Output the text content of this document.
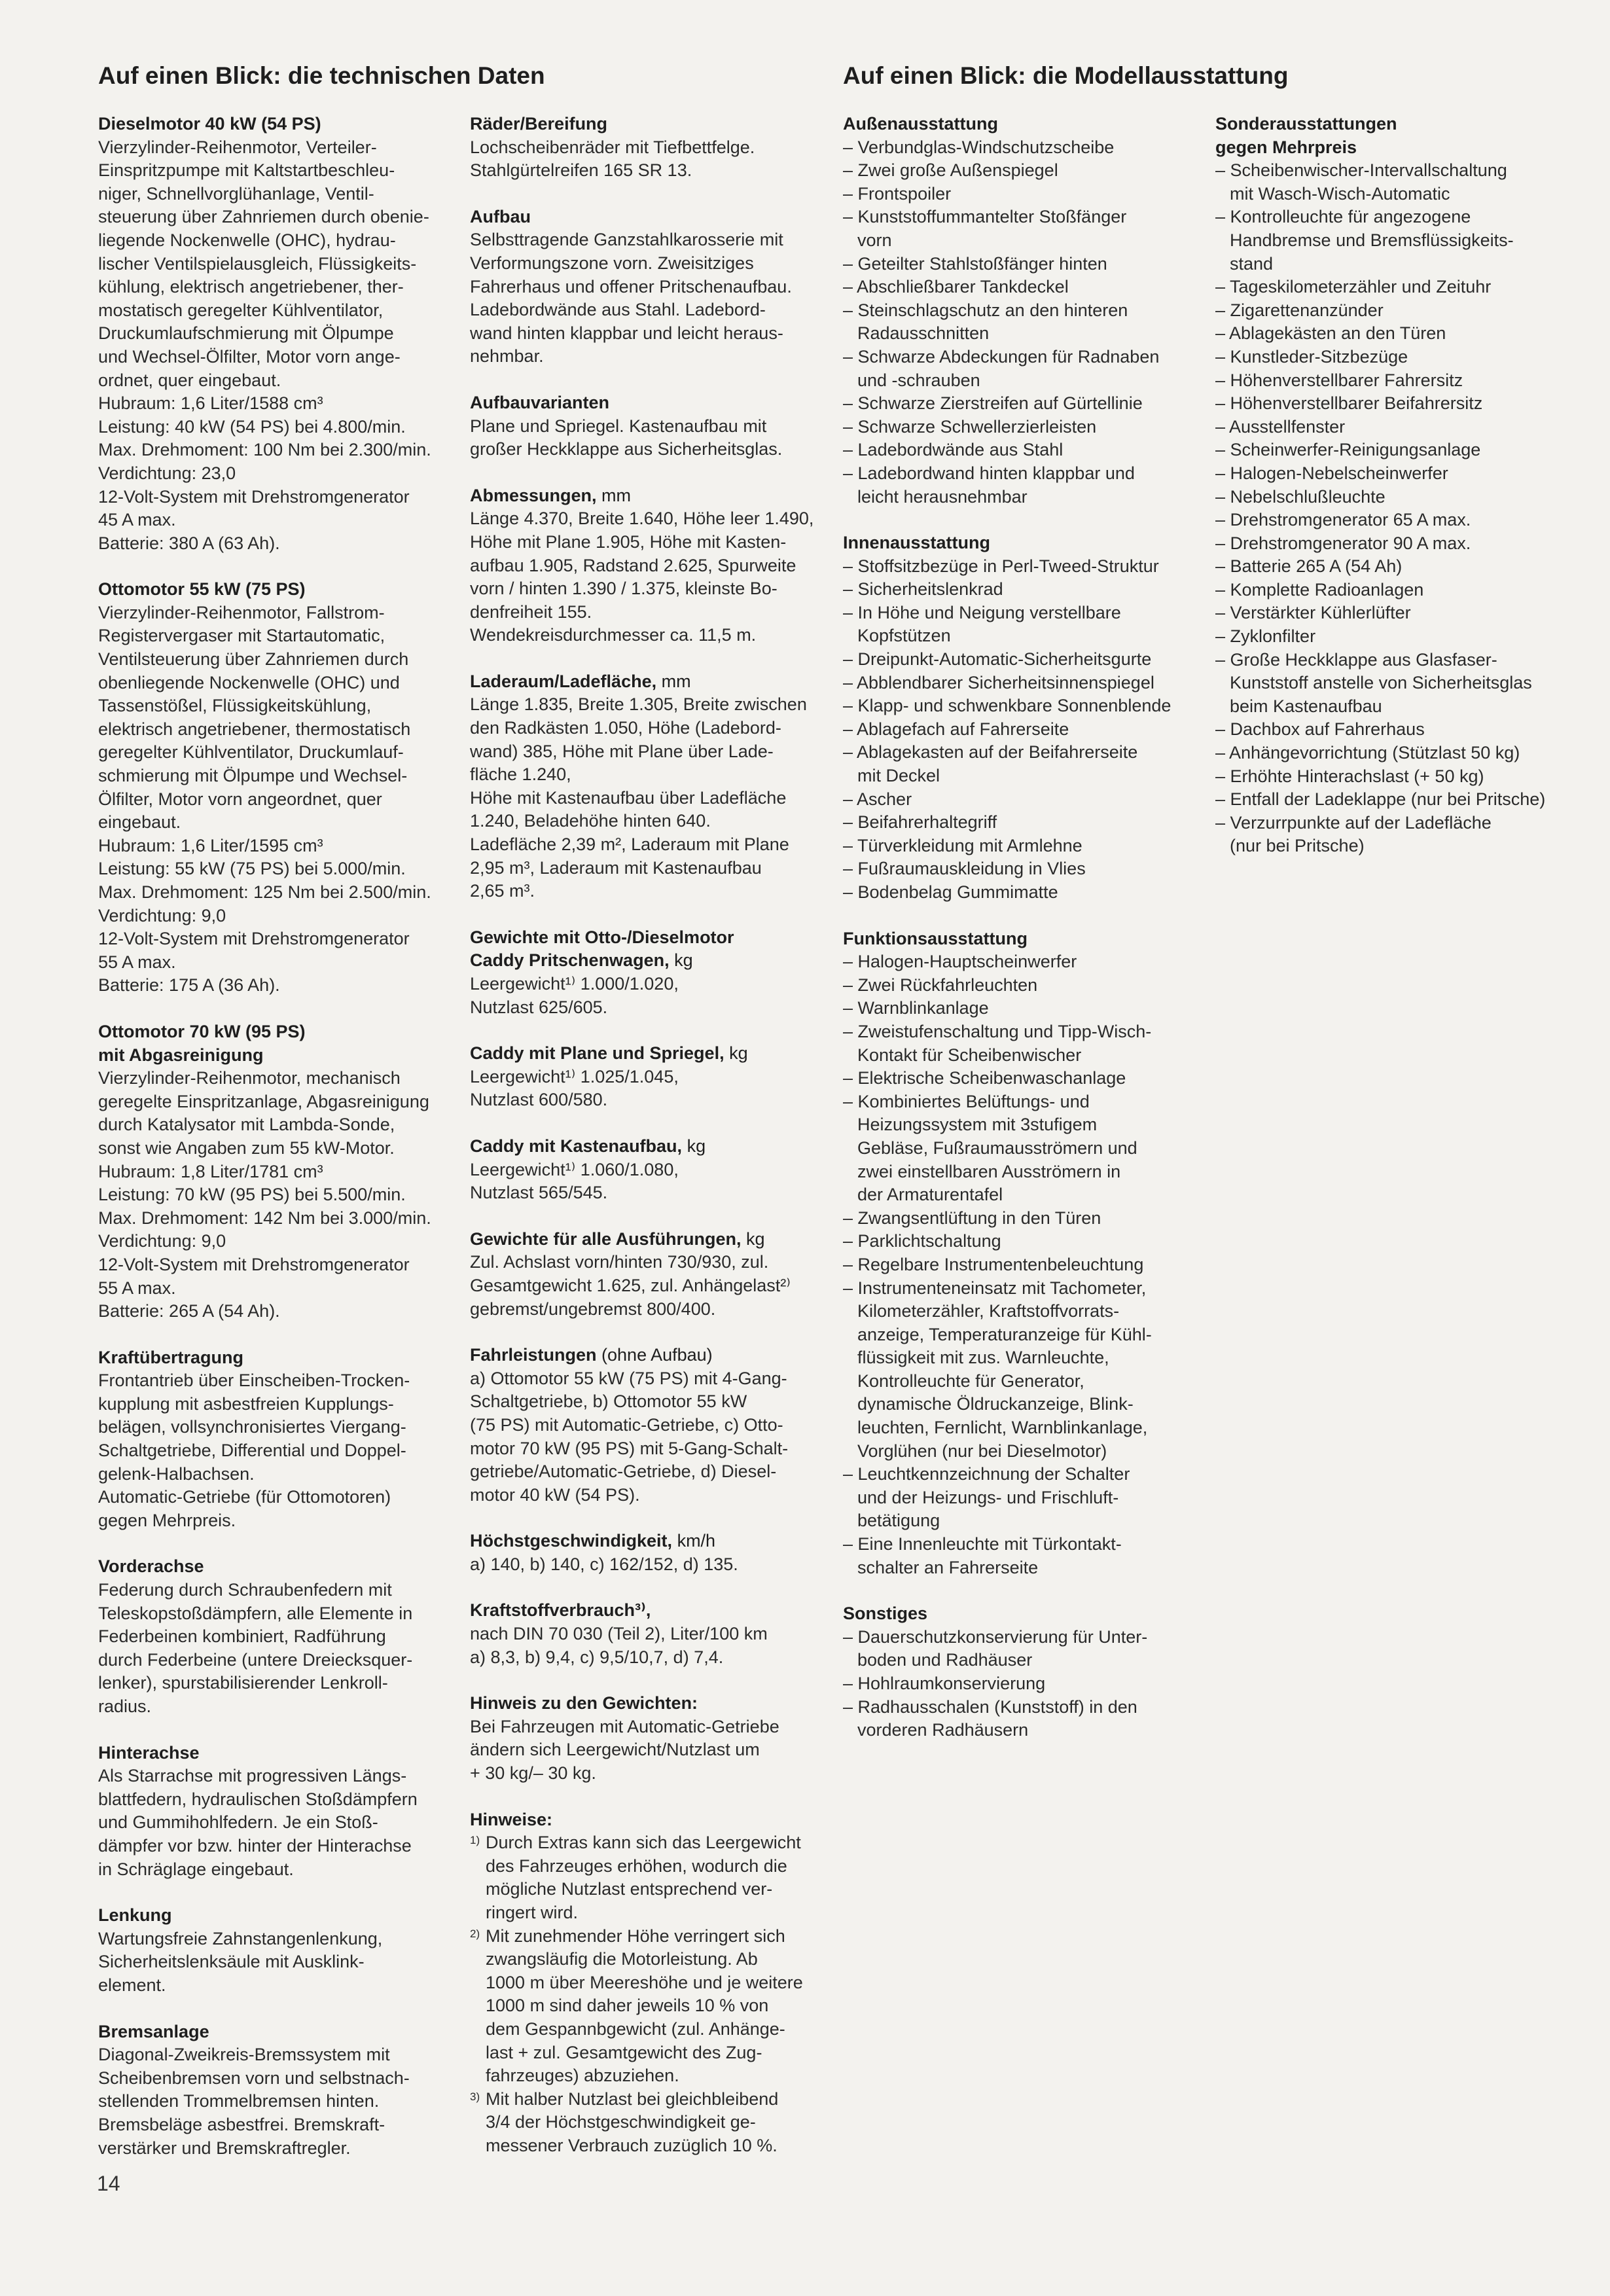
Auf einen Blick: die technischen Daten	Auf einen Blick: die Modellausstattung
Dieselmotor 40 kW (54 PS)
Vierzylinder-Reihenmotor, Verteiler-
Einspritzpumpe mit Kaltstartbeschleu-
niger, Schnellvorglühanlage, Ventil-
steuerung über Zahnriemen durch obenie-
liegende Nockenwelle (OHC), hydrau-
lischer Ventilspielausgleich, Flüssigkeits-
kühlung, elektrisch angetriebener, ther-
mostatisch geregelter Kühlventilator,
Druckumlaufschmierung mit Ölpumpe
und Wechsel-Ölfilter, Motor vorn ange-
ordnet, quer eingebaut.
Hubraum: 1,6 Liter/1588 cm³
Leistung: 40 kW (54 PS) bei 4.800/min.
Max. Drehmoment: 100 Nm bei 2.300/min.
Verdichtung: 23,0
12-Volt-System mit Drehstromgenerator
45 A max.
Batterie: 380 A (63 Ah).
Ottomotor 55 kW (75 PS)
Vierzylinder-Reihenmotor, Fallstrom-
Registervergaser mit Startautomatic,
Ventilsteuerung über Zahnriemen durch
obenliegende Nockenwelle (OHC) und
Tassenstößel, Flüssigkeitskühlung,
elektrisch angetriebener, thermostatisch
geregelter Kühlventilator, Druckumlauf-
schmierung mit Ölpumpe und Wechsel-
Ölfilter, Motor vorn angeordnet, quer
eingebaut.
Hubraum: 1,6 Liter/1595 cm³
Leistung: 55 kW (75 PS) bei 5.000/min.
Max. Drehmoment: 125 Nm bei 2.500/min.
Verdichtung: 9,0
12-Volt-System mit Drehstromgenerator
55 A max.
Batterie: 175 A (36 Ah).
Ottomotor 70 kW (95 PS)
mit Abgasreinigung
Vierzylinder-Reihenmotor, mechanisch
geregelte Einspritzanlage, Abgasreinigung
durch Katalysator mit Lambda-Sonde,
sonst wie Angaben zum 55 kW-Motor.
Hubraum: 1,8 Liter/1781 cm³
Leistung: 70 kW (95 PS) bei 5.500/min.
Max. Drehmoment: 142 Nm bei 3.000/min.
Verdichtung: 9,0
12-Volt-System mit Drehstromgenerator
55 A max.
Batterie: 265 A (54 Ah).
Kraftübertragung
Frontantrieb über Einscheiben-Trocken-
kupplung mit asbestfreien Kupplungs-
belägen, vollsynchronisiertes Viergang-
Schaltgetriebe, Differential und Doppel-
gelenk-Halbachsen.
Automatic-Getriebe (für Ottomotoren)
gegen Mehrpreis.
Vorderachse
Federung durch Schraubenfedern mit
Teleskopstoßdämpfern, alle Elemente in
Federbeinen kombiniert, Radführung
durch Federbeine (untere Dreiecksquer-
lenker), spurstabilisierender Lenkroll-
radius.
Hinterachse
Als Starrachse mit progressiven Längs-
blattfedern, hydraulischen Stoßdämpfern
und Gummihohlfedern. Je ein Stoß-
dämpfer vor bzw. hinter der Hinterachse
in Schräglage eingebaut.
Lenkung
Wartungsfreie Zahnstangenlenkung,
Sicherheitslenksäule mit Ausklink-
element.
Bremsanlage
Diagonal-Zweikreis-Bremssystem mit
Scheibenbremsen vorn und selbstnach-
stellenden Trommelbremsen hinten.
Bremsbeläge asbestfrei. Bremskraft-
verstärker und Bremskraftregler.
Räder/Bereifung
Lochscheibenräder mit Tiefbettfelge.
Stahlgürtelreifen 165 SR 13.
Aufbau
Selbsttragende Ganzstahlkarosserie mit
Verformungszone vorn. Zweisitziges
Fahrerhaus und offener Pritschenaufbau.
Ladebordwände aus Stahl. Ladebord-
wand hinten klappbar und leicht heraus-
nehmbar.
Aufbauvarianten
Plane und Spriegel. Kastenaufbau mit
großer Heckklappe aus Sicherheitsglas.
Abmessungen, mm
Länge 4.370, Breite 1.640, Höhe leer 1.490,
Höhe mit Plane 1.905, Höhe mit Kasten-
aufbau 1.905, Radstand 2.625, Spurweite
vorn / hinten 1.390 / 1.375, kleinste Bo-
denfreiheit 155.
Wendekreisdurchmesser ca. 11,5 m.
Laderaum/Ladefläche, mm
Länge 1.835, Breite 1.305, Breite zwischen
den Radkästen 1.050, Höhe (Ladebord-
wand) 385, Höhe mit Plane über Lade-
fläche 1.240,
Höhe mit Kastenaufbau über Ladefläche
1.240, Beladehöhe hinten 640.
Ladefläche 2,39 m², Laderaum mit Plane
2,95 m³, Laderaum mit Kastenaufbau
2,65 m³.
Gewichte mit Otto-/Dieselmotor
Caddy Pritschenwagen, kg
Leergewicht¹⁾ 1.000/1.020,
Nutzlast 625/605.
Caddy mit Plane und Spriegel, kg
Leergewicht¹⁾ 1.025/1.045,
Nutzlast 600/580.
Caddy mit Kastenaufbau, kg
Leergewicht¹⁾ 1.060/1.080,
Nutzlast 565/545.
Gewichte für alle Ausführungen, kg
Zul. Achslast vorn/hinten 730/930, zul.
Gesamtgewicht 1.625, zul. Anhängelast²⁾
gebremst/ungebremst 800/400.
Fahrleistungen (ohne Aufbau)
a) Ottomotor 55 kW (75 PS) mit 4-Gang-
Schaltgetriebe, b) Ottomotor 55 kW
(75 PS) mit Automatic-Getriebe, c) Otto-
motor 70 kW (95 PS) mit 5-Gang-Schalt-
getriebe/Automatic-Getriebe, d) Diesel-
motor 40 kW (54 PS).
Höchstgeschwindigkeit, km/h
a) 140, b) 140, c) 162/152, d) 135.
Kraftstoffverbrauch³⁾,
nach DIN 70 030 (Teil 2), Liter/100 km
a) 8,3, b) 9,4, c) 9,5/10,7, d) 7,4.
Hinweis zu den Gewichten:
Bei Fahrzeugen mit Automatic-Getriebe
ändern sich Leergewicht/Nutzlast um
+ 30 kg/– 30 kg.
Hinweise:
1) Durch Extras kann sich das Leergewicht
des Fahrzeuges erhöhen, wodurch die
mögliche Nutzlast entsprechend ver-
ringert wird.
2) Mit zunehmender Höhe verringert sich
zwangsläufig die Motorleistung. Ab
1000 m über Meereshöhe und je weitere
1000 m sind daher jeweils 10 % von
dem Gespannbgewicht (zul. Anhänge-
last + zul. Gesamtgewicht des Zug-
fahrzeuges) abzuziehen.
3) Mit halber Nutzlast bei gleichbleibend
3/4 der Höchstgeschwindigkeit ge-
messener Verbrauch zuzüglich 10 %.
Außenausstattung
– Verbundglas-Windschutzscheibe
– Zwei große Außenspiegel
– Frontspoiler
– Kunststoffummantelter Stoßfänger
vorn
– Geteilter Stahlstoßfänger hinten
– Abschließbarer Tankdeckel
– Steinschlagschutz an den hinteren
Radausschnitten
– Schwarze Abdeckungen für Radnaben
und -schrauben
– Schwarze Zierstreifen auf Gürtellinie
– Schwarze Schwellerzierleisten
– Ladebordwände aus Stahl
– Ladebordwand hinten klappbar und
leicht herausnehmbar
Innenausstattung
– Stoffsitzbezüge in Perl-Tweed-Struktur
– Sicherheitslenkrad
– In Höhe und Neigung verstellbare
Kopfstützen
– Dreipunkt-Automatic-Sicherheitsgurte
– Abblendbarer Sicherheitsinnenspiegel
– Klapp- und schwenkbare Sonnenblende
– Ablagefach auf Fahrerseite
– Ablagekasten auf der Beifahrerseite
mit Deckel
– Ascher
– Beifahrerhaltegriff
– Türverkleidung mit Armlehne
– Fußraumauskleidung in Vlies
– Bodenbelag Gummimatte
Funktionsausstattung
– Halogen-Hauptscheinwerfer
– Zwei Rückfahrleuchten
– Warnblinkanlage
– Zweistufenschaltung und Tipp-Wisch-
Kontakt für Scheibenwischer
– Elektrische Scheibenwaschanlage
– Kombiniertes Belüftungs- und
Heizungssystem mit 3stufigem
Gebläse, Fußraumausströmern und
zwei einstellbaren Ausströmern in
der Armaturentafel
– Zwangsentlüftung in den Türen
– Parklichtschaltung
– Regelbare Instrumentenbeleuchtung
– Instrumenteneinsatz mit Tachometer,
Kilometerzähler, Kraftstoffvorrats-
anzeige, Temperaturanzeige für Kühl-
flüssigkeit mit zus. Warnleuchte,
Kontrolleuchte für Generator,
dynamische Öldruckanzeige, Blink-
leuchten, Fernlicht, Warnblinkanlage,
Vorglühen (nur bei Dieselmotor)
– Leuchtkennzeichnung der Schalter
und der Heizungs- und Frischluft-
betätigung
– Eine Innenleuchte mit Türkontakt-
schalter an Fahrerseite
Sonstiges
– Dauerschutzkonservierung für Unter-
boden und Radhäuser
– Hohlraumkonservierung
– Radhausschalen (Kunststoff) in den
vorderen Radhäusern
Sonderausstattungen
gegen Mehrpreis
– Scheibenwischer-Intervallschaltung
mit Wasch-Wisch-Automatic
– Kontrolleuchte für angezogene
Handbremse und Bremsflüssigkeits-
stand
– Tageskilometerzähler und Zeituhr
– Zigarettenanzünder
– Ablagekästen an den Türen
– Kunstleder-Sitzbezüge
– Höhenverstellbarer Fahrersitz
– Höhenverstellbarer Beifahrersitz
– Ausstellfenster
– Scheinwerfer-Reinigungsanlage
– Halogen-Nebelscheinwerfer
– Nebelschlußleuchte
– Drehstromgenerator 65 A max.
– Drehstromgenerator 90 A max.
– Batterie 265 A (54 Ah)
– Komplette Radioanlagen
– Verstärkter Kühlerlüfter
– Zyklonfilter
– Große Heckklappe aus Glasfaser-
Kunststoff anstelle von Sicherheitsglas
beim Kastenaufbau
– Dachbox auf Fahrerhaus
– Anhängevorrichtung (Stützlast 50 kg)
– Erhöhte Hinterachslast (+ 50 kg)
– Entfall der Ladeklappe (nur bei Pritsche)
– Verzurrpunkte auf der Ladefläche
(nur bei Pritsche)
14
